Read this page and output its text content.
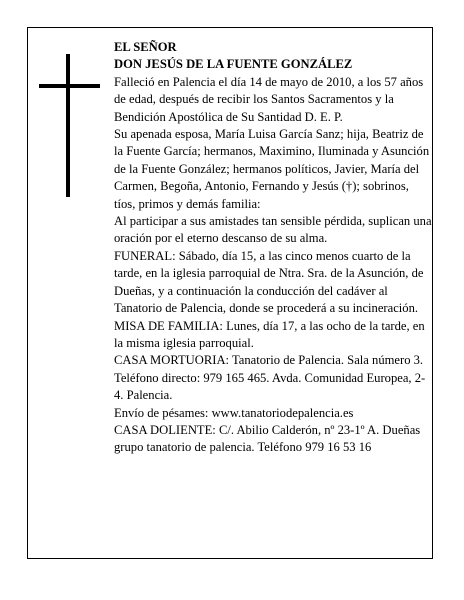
EL SEÑOR

DON JESÚS DE LA FUENTE GONZÁLEZ

Falleció en Palencia el día 14 de mayo de 2010, a los 57 años de edad, después de recibir los Santos Sacramentos y la Bendición Apostólica de Su Santidad D. E. P.

Su apenada esposa, María Luisa García Sanz; hija, Beatriz de la Fuente García; hermanos, Maximino, Iluminada y Asunción de la Fuente González; hermanos políticos, Javier, María del Carmen, Begoña, Antonio, Fernando y Jesús (†); sobrinos, tíos, primos y demás familia:

Al participar a sus amistades tan sensible pérdida, suplican una oración por el eterno descanso de su alma.

FUNERAL: Sábado, día 15, a las cinco menos cuarto de la tarde, en la iglesia parroquial de Ntra. Sra. de la Asunción, de Dueñas, y a continuación la conducción del cadáver al Tanatorio de Palencia, donde se procederá a su incineración.

MISA DE FAMILIA: Lunes, día 17, a las ocho de la tarde, en la misma iglesia parroquial.

CASA MORTUORIA: Tanatorio de Palencia. Sala número 3. Teléfono directo: 979 165 465. Avda. Comunidad Europea, 2-4. Palencia.

Envío de pésames: www.tanatoriodepalencia.es

CASA DOLIENTE: C/. Abilio Calderón, nº 23-1º A. Dueñas

grupo tanatorio de palencia. Teléfono 979 16 53 16
